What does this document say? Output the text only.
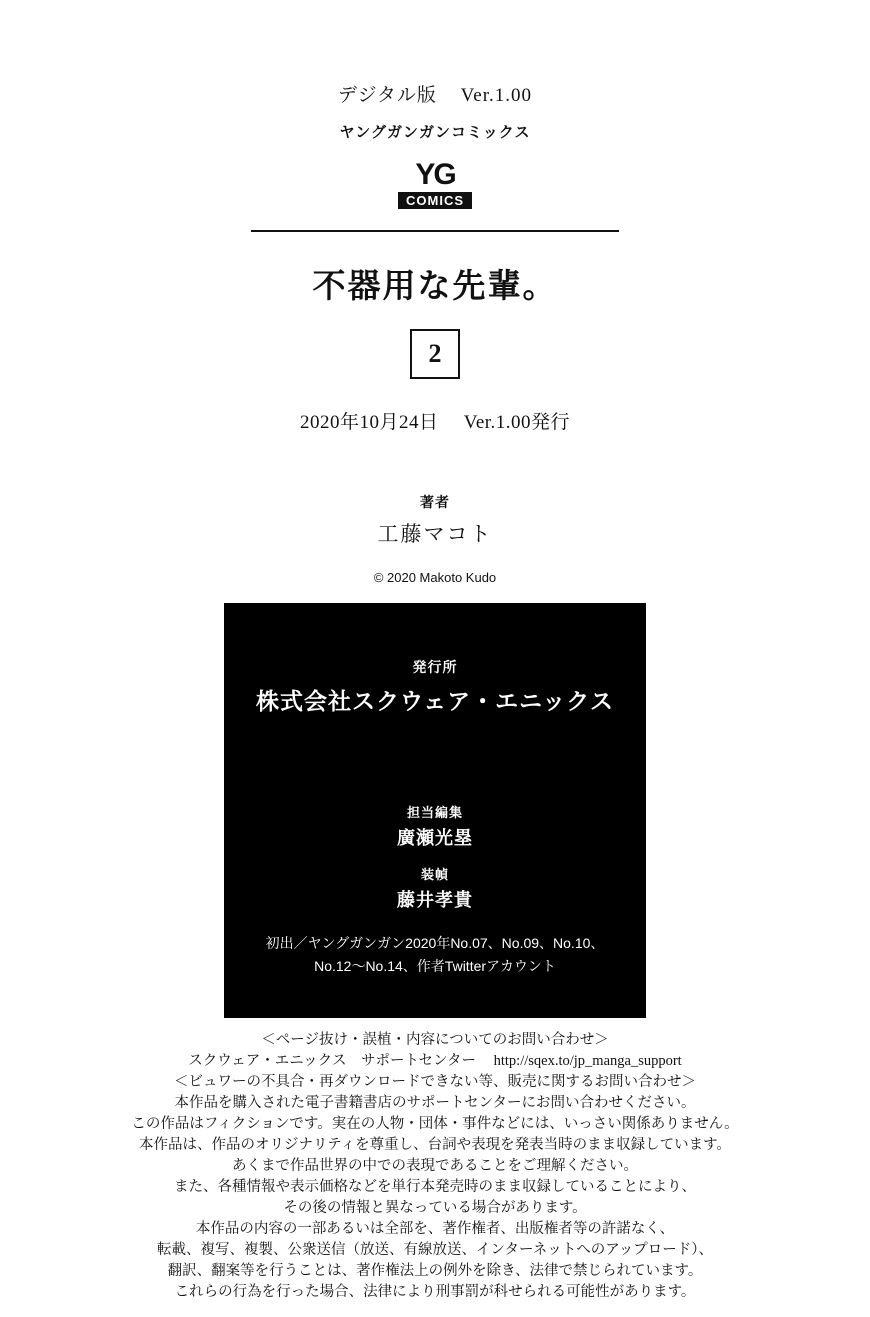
デジタル版 Ver.1.00
ヤングガンガンコミックス
YG
COMICS
不器用な先輩。
2
2020年10月24日 Ver.1.00発行
著者
工藤マコト
© 2020 Makoto Kudo
発行所
株式会社スクウェア・エニックス
担当編集
廣瀬光塁
装幀
藤井孝貴
初出／ヤングガンガン2020年No.07、No.09、No.10、
No.12〜No.14、作者Twitterアカウント
＜ページ抜け・誤植・内容についてのお問い合わせ＞
スクウェア・エニックス　サポートセンター http://sqex.to/jp_manga_support
＜ビュワーの不具合・再ダウンロードできない等、販売に関するお問い合わせ＞
本作品を購入された電子書籍書店のサポートセンターにお問い合わせください。
この作品はフィクションです。実在の人物・団体・事件などには、いっさい関係ありません。
本作品は、作品のオリジナリティを尊重し、台詞や表現を発表当時のまま収録しています。
あくまで作品世界の中での表現であることをご理解ください。
また、各種情報や表示価格などを単行本発売時のまま収録していることにより、
その後の情報と異なっている場合があります。
本作品の内容の一部あるいは全部を、著作権者、出版権者等の許諾なく、
転載、複写、複製、公衆送信（放送、有線放送、インターネットへのアップロード）、
翻訳、翻案等を行うことは、著作権法上の例外を除き、法律で禁じられています。
これらの行為を行った場合、法律により刑事罰が科せられる可能性があります。
